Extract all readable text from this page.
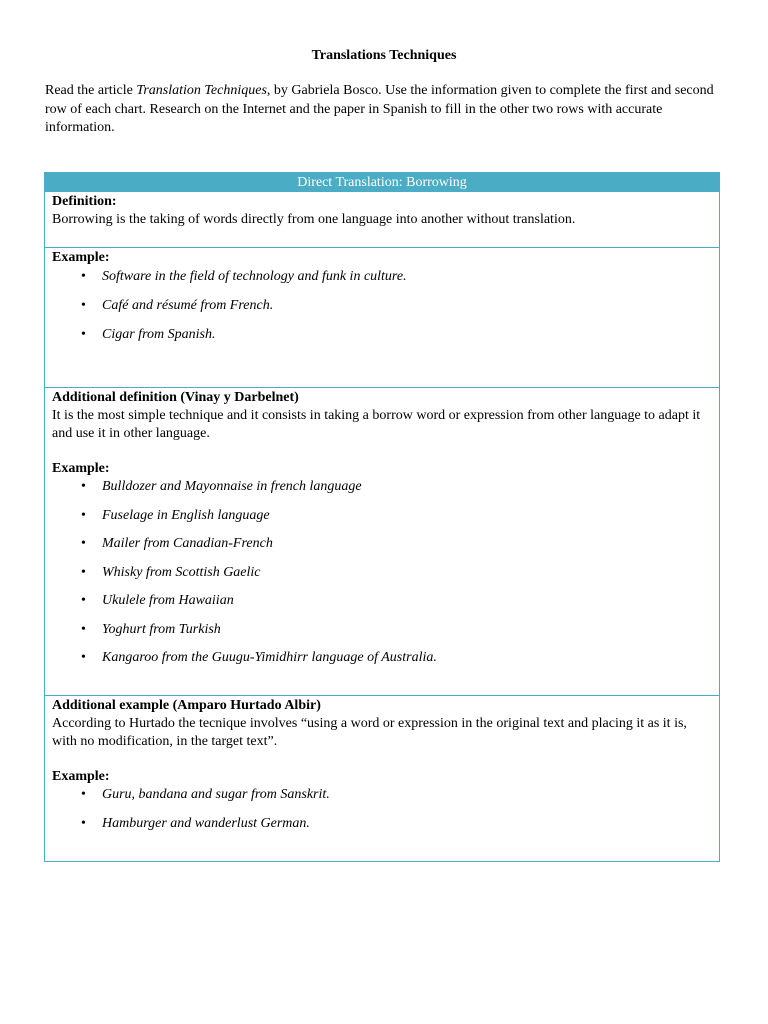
Translations Techniques
Read the article Translation Techniques, by Gabriela Bosco. Use the information given to complete the first and second row of each chart. Research on the Internet and the paper in Spanish to fill in the other two rows with accurate information.
Direct Translation: Borrowing
Definition:
Borrowing is the taking of words directly from one language into another without translation.
Example:
• Software in the field of technology and funk in culture.
• Café and résumé from French.
• Cigar from Spanish.
Additional definition (Vinay y Darbelnet)
It is the most simple technique and it consists in taking a borrow word or expression from other language to adapt it and use it in other language.
Example:
• Bulldozer and Mayonnaise in french language
• Fuselage in English language
• Mailer from Canadian-French
• Whisky from Scottish Gaelic
• Ukulele from Hawaiian
• Yoghurt from Turkish
• Kangaroo from the Guugu-Yimidhirr language of Australia.
Additional example (Amparo Hurtado Albir)
According to Hurtado the tecnique involves “using a word or expression in the original text and placing it as it is, with no modification, in the target text”.
Example:
• Guru, bandana and sugar from Sanskrit.
• Hamburger and wanderlust German.
